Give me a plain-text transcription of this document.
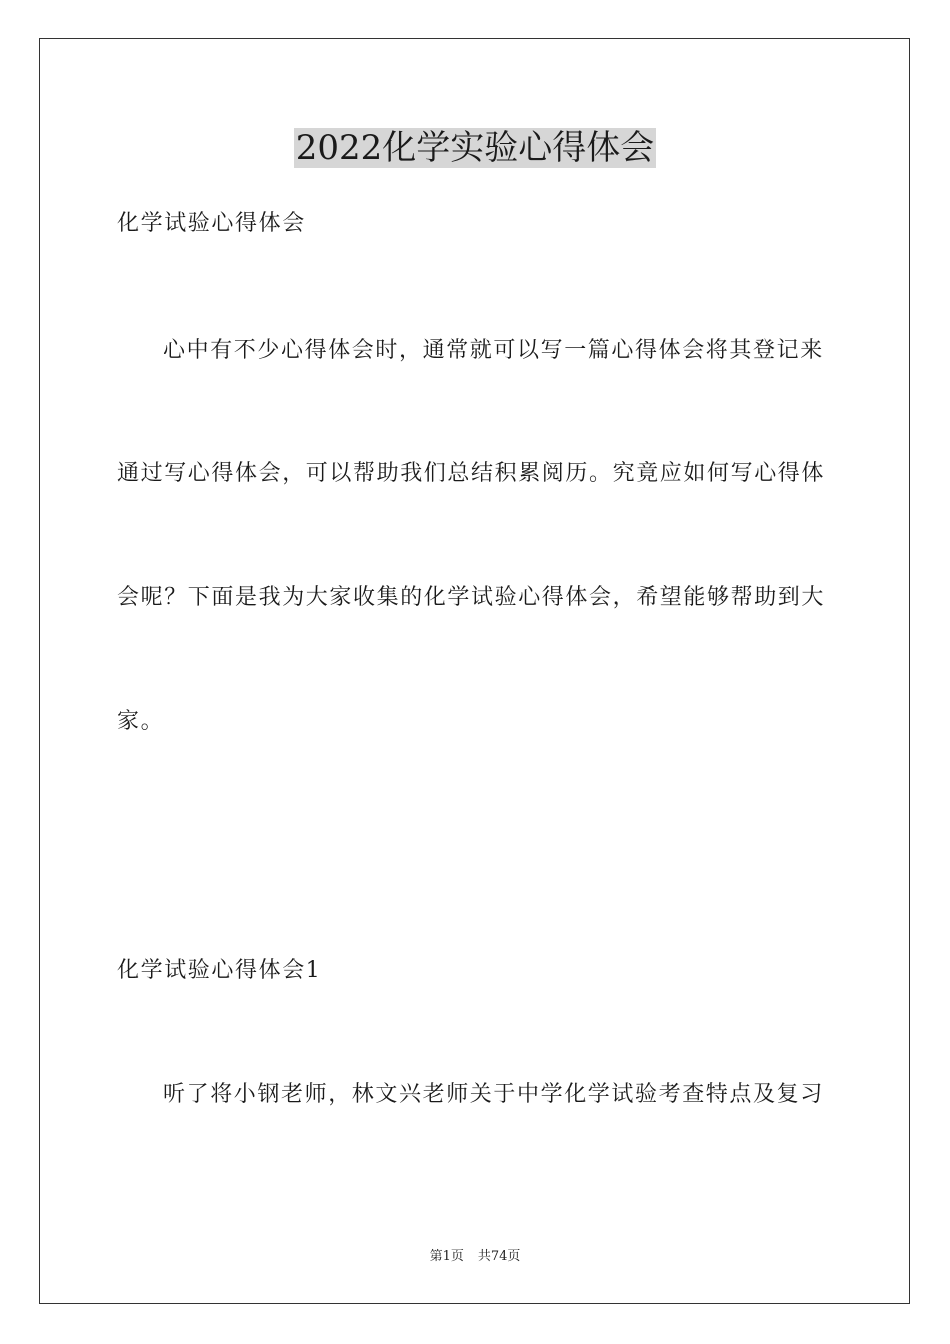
2022化学实验心得体会
化学试验心得体会
心中有不少心得体会时，通常就可以写一篇心得体会将其登记来
通过写心得体会，可以帮助我们总结积累阅历。究竟应如何写心得体
会呢？下面是我为大家收集的化学试验心得体会，希望能够帮助到大
家。
化学试验心得体会1
听了将小钢老师，林文兴老师关于中学化学试验考查特点及复习
第1页 共74页
